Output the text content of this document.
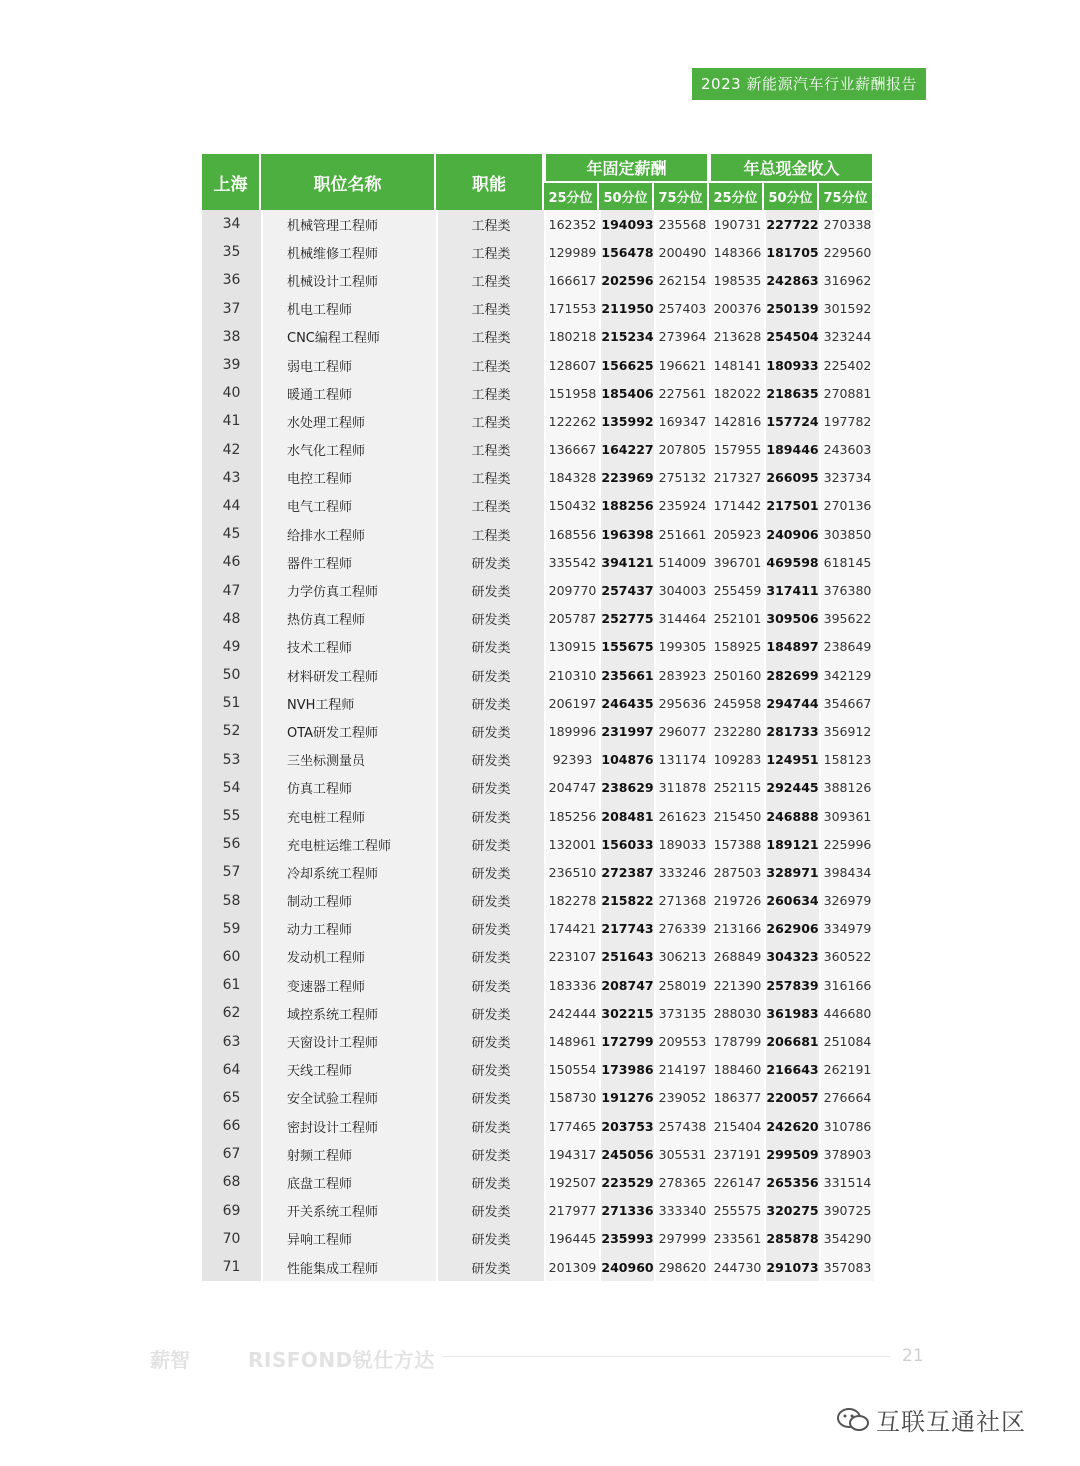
2023 新能源汽车行业薪酬报告
上海	职位名称	职能	年固定薪酬			年总现金收入		
			25分位	50分位	75分位	25分位	50分位	75分位
34	机械管理工程师	工程类	162352	194093	235568	190731	227722	270338
35	机械维修工程师	工程类	129989	156478	200490	148366	181705	229560
36	机械设计工程师	工程类	166617	202596	262154	198535	242863	316962
37	机电工程师	工程类	171553	211950	257403	200376	250139	301592
38	CNC编程工程师	工程类	180218	215234	273964	213628	254504	323244
39	弱电工程师	工程类	128607	156625	196621	148141	180933	225402
40	暖通工程师	工程类	151958	185406	227561	182022	218635	270881
41	水处理工程师	工程类	122262	135992	169347	142816	157724	197782
42	水气化工程师	工程类	136667	164227	207805	157955	189446	243603
43	电控工程师	工程类	184328	223969	275132	217327	266095	323734
44	电气工程师	工程类	150432	188256	235924	171442	217501	270136
45	给排水工程师	工程类	168556	196398	251661	205923	240906	303850
46	器件工程师	研发类	335542	394121	514009	396701	469598	618145
47	力学仿真工程师	研发类	209770	257437	304003	255459	317411	376380
48	热仿真工程师	研发类	205787	252775	314464	252101	309506	395622
49	技术工程师	研发类	130915	155675	199305	158925	184897	238649
50	材料研发工程师	研发类	210310	235661	283923	250160	282699	342129
51	NVH工程师	研发类	206197	246435	295636	245958	294744	354667
52	OTA研发工程师	研发类	189996	231997	296077	232280	281733	356912
53	三坐标测量员	研发类	92393	104876	131174	109283	124951	158123
54	仿真工程师	研发类	204747	238629	311878	252115	292445	388126
55	充电桩工程师	研发类	185256	208481	261623	215450	246888	309361
56	充电桩运维工程师	研发类	132001	156033	189033	157388	189121	225996
57	冷却系统工程师	研发类	236510	272387	333246	287503	328971	398434
58	制动工程师	研发类	182278	215822	271368	219726	260634	326979
59	动力工程师	研发类	174421	217743	276339	213166	262906	334979
60	发动机工程师	研发类	223107	251643	306213	268849	304323	360522
61	变速器工程师	研发类	183336	208747	258019	221390	257839	316166
62	域控系统工程师	研发类	242444	302215	373135	288030	361983	446680
63	天窗设计工程师	研发类	148961	172799	209553	178799	206681	251084
64	天线工程师	研发类	150554	173986	214197	188460	216643	262191
65	安全试验工程师	研发类	158730	191276	239052	186377	220057	276664
66	密封设计工程师	研发类	177465	203753	257438	215404	242620	310786
67	射频工程师	研发类	194317	245056	305531	237191	299509	378903
68	底盘工程师	研发类	192507	223529	278365	226147	265356	331514
69	开关系统工程师	研发类	217977	271336	333340	255575	320275	390725
70	异响工程师	研发类	196445	235993	297999	233561	285878	354290
71	性能集成工程师	研发类	201309	240960	298620	244730	291073	357083
薪智	RISFOND锐仕方达	21
互联互通社区
